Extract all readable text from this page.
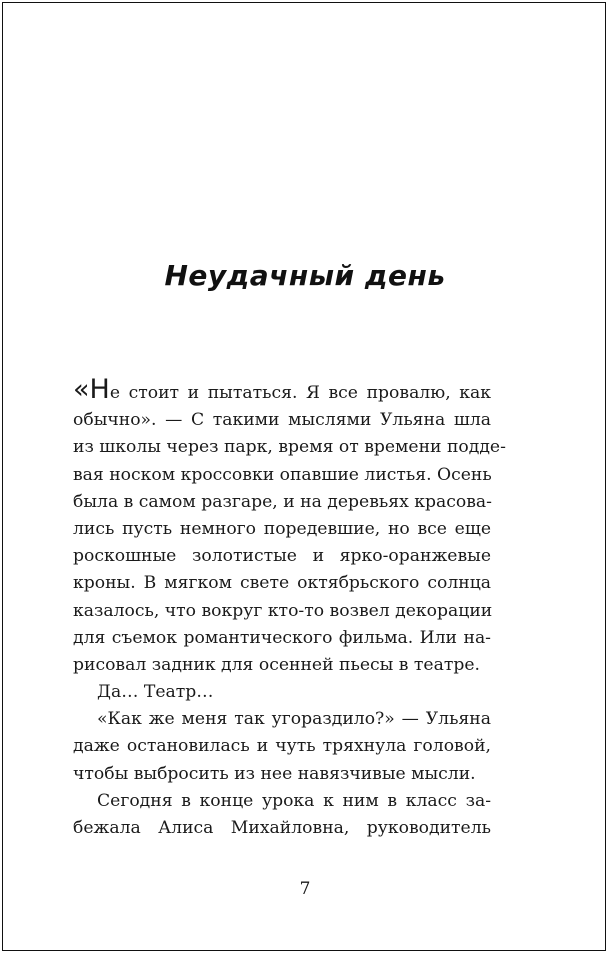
Неудачный день
«Не стоит и пытаться. Я все провалю, как
обычно». — С такими мыслями Ульяна шла
из школы через парк, время от времени подде-
вая носком кроссовки опавшие листья. Осень
была в самом разгаре, и на деревьях красова-
лись пусть немного поредевшие, но все еще
роскошные золотистые и ярко-оранжевые
кроны. В мягком свете октябрьского солнца
казалось, что вокруг кто-то возвел декорации
для съемок романтического фильма. Или на-
рисовал задник для осенней пьесы в театре.
Да… Театр…
«Как же меня так угораздило?» — Ульяна
даже остановилась и чуть тряхнула головой,
чтобы выбросить из нее навязчивые мысли.
Сегодня в конце урока к ним в класс за-
бежала Алиса Михайловна, руководитель
7
